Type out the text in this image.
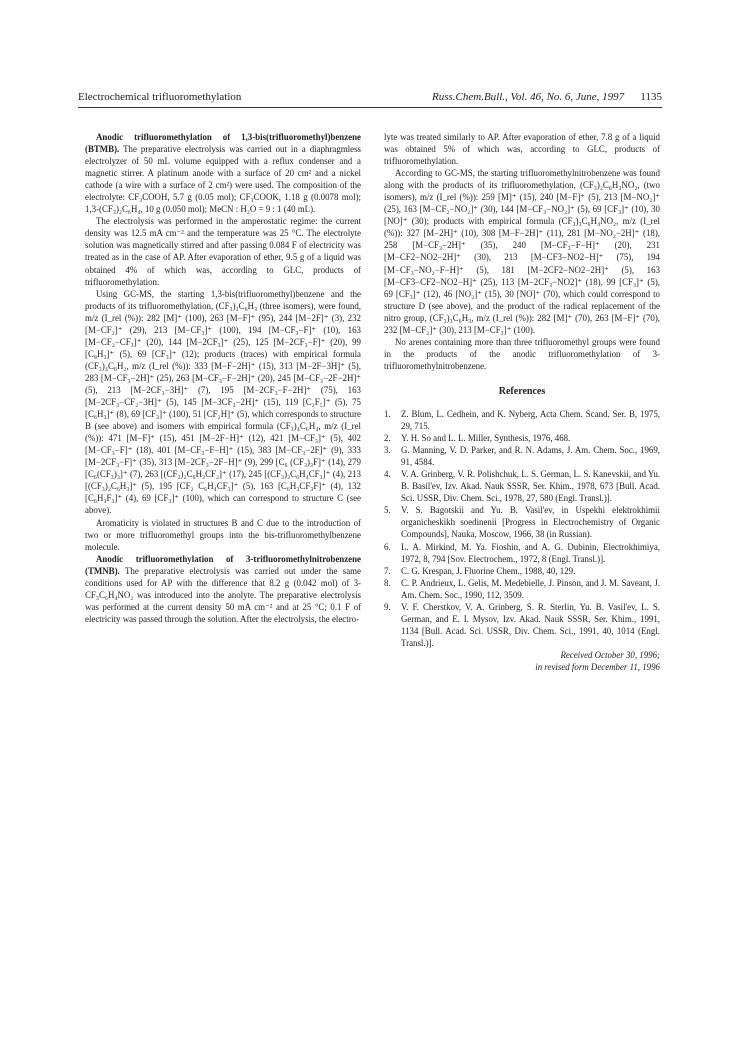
Electrochemical trifluoromethylation	Russ.Chem.Bull., Vol. 46, No. 6, June, 1997 1135

Anodic trifluoromethylation of 1,3-bis(trifluoromethyl)benzene (BTMB). The preparative electrolysis was carried out in a diaphragmless electrolyzer of 50 mL volume equipped with a reflux condenser and a magnetic stirrer. A platinum anode with a surface of 20 cm² and a nickel cathode (a wire with a surface of 2 cm²) were used. The composition of the electrolyte: CF₃COOH, 5.7 g (0.05 mol); CF₃COOK, 1.18 g (0.0078 mol); 1,3-(CF₃)₂C₆H₄, 10 g (0.050 mol); MeCN : H₂O = 9 : 1 (40 mL).

The electrolysis was performed in the amperostatic regime: the current density was 12.5 mA cm⁻² and the temperature was 25 °C. The electrolyte solution was magnetically stirred and after passing 0.084 F of electricity was treated as in the case of AP. After evaporation of ether, 9.5 g of a liquid was obtained 4% of which was, according to GLC, products of trifluoromethylation.

Using GC-MS, the starting 1,3-bis(trifluoromethyl)benzene and the products of its trifluoromethylation, (CF₃)₃C₆H₃ (three isomers), were found, m/z (I_rel (%)): 282 [M]⁺ (100), 263 [M−F]⁺ (95), 244 [M−2F]⁺ (3), 232 [M−CF₂]⁺ (29), 213 [M−CF₃]⁺ (100), 194 [M−CF₃−F]⁺ (10), 163 [M−CF₂−CF₃]⁺ (20), 144 [M−2CF₃]⁺ (25), 125 [M−2CF₃−F]⁺ (20), 99 [C₈H₃]⁺ (5), 69 [CF₃]⁺ (12); products (traces) with empirical formula (CF₃)₄C₆H₂, m/z (I_rel (%)): 333 [M−F−2H]⁺ (15), 313 [M−2F−3H]⁺ (5), 283 [M−CF₃−2H]⁺ (25), 263 [M−CF₃−F−2H]⁺ (20), 245 [M−CF₃−2F−2H]⁺ (5), 213 [M−2CF₃−3H]⁺ (7), 195 [M−2CF₃−F−2H]⁺ (75), 163 [M−2CF₃−CF₂−3H]⁺ (5), 145 [M−3CF₃−2H]⁺ (15), 119 [C₂F₅]⁺ (5), 75 [C₆H₃]⁺ (8), 69 [CF₃]⁺ (100), 51 [CF₂H]⁺ (5), which corresponds to structure B (see above) and isomers with empirical formula (CF₃)₄C₆H₄, m/z (I_rel (%)): 471 [M−F]⁺ (15), 451 [M−2F−H]⁺ (12), 421 [M−CF₃]⁺ (5), 402 [M−CF₃−F]⁺ (18), 401 [M−CF₃−F−H]⁺ (15), 383 [M−CF₃−2F]⁺ (9), 333 [M−2CF₃−F]⁺ (35), 313 [M−2CF₃−2F−H]⁺ (9), 299 [C₆ (CF₃)₃F]⁺ (14), 279 [C₆(CF₃)₃]⁺ (7), 263 [(CF₃)₂C₆H₃CF₂]⁺ (17), 245 [(CF₃)₂C₆H₄CF₃]⁺ (4), 213 [(CF₃)₂C₆H₃]⁺ (5), 195 [CF₂ C₆H₄CF₃]⁺ (5), 163 [C₆H₃CF₃F]⁺ (4), 132 [C₆H₃F₃]⁺ (4), 69 [CF₃]⁺ (100), which can correspond to structure C (see above).

Aromaticity is violated in structures B and C due to the introduction of two or more trifluoromethyl groups into the bis-trifluoromethylbenzene molecule.

Anodic trifluoromethylation of 3-trifluoromethylnitrobenzene (TMNB). The preparative electrolysis was carried out under the same conditions used for AP with the difference that 8.2 g (0.042 mol) of 3-CF₃C₆H₄NO₂ was introduced into the anolyte. The preparative electrolysis was performed at the current density 50 mA cm⁻² and at 25 °C; 0.1 F of electricity was passed through the solution. After the electrolysis, the electro-

lyte was treated similarly to AP. After evaporation of ether, 7.8 g of a liquid was obtained 5% of which was, according to GLC, products of trifluoromethylation.

According to GC-MS, the starting trifluoromethylnitrobenzene was found along with the products of its trifluoromethylation, (CF₃)₂C₆H₃NO₂, (two isomers), m/z (I_rel (%)): 259 [M]⁺ (15), 240 [M−F]⁺ (5), 213 [M−NO₂]⁺ (25), 163 [M−CF₂−NO₂]⁺ (30), 144 [M−CF₃−NO₂]⁺ (5), 69 [CF₃]⁺ (10), 30 [NO]⁺ (30); products with empirical formula (CF₃)₃C₆H₄NO₂, m/z (I_rel (%)): 327 [M−2H]⁺ (10), 308 [M−F−2H]⁺ (11), 281 [M−NO₂−2H]⁺ (18), 258 [M−CF₃−2H]⁺ (35), 240 [M−CF₃−F−H]⁺ (20), 231 [M−CF2−NO2−2H]⁺ (30), 213 [M−CF3−NO2−H]⁺ (75), 194 [M−CF₃−NO₂−F−H]⁺ (5), 181 [M−2CF2−NO2−2H]⁺ (5), 163 [M−CF3−CF2−NO2−H]⁺ (25), 113 [M−2CF₃−NO2]⁺ (18), 99 [CF₃]⁺ (5), 69 [CF₃]⁺ (12), 46 [NO₂]⁺ (15), 30 [NO]⁺ (70), which could correspond to structure D (see above), and the product of the radical replacement of the nitro group, (CF₃)₃C₆H₃, m/z (I_rel (%)): 282 [M]⁺ (70), 263 [M−F]⁺ (70), 232 [M−CF₂]⁺ (30), 213 [M−CF₃]⁺ (100).

No arenes containing more than three trifluoromethyl groups were found in the products of the anodic trifluoromethylation of 3-trifluoromethylnitrobenzene.

References

1. Z. Blum, L. Cedhein, and K. Nyberg, Acta Chem. Scand. Ser. B, 1975, 29, 715.

2. Y. H. So and L. L. Miller, Synthesis, 1976, 468.

3. G. Manning, V. D. Parker, and R. N. Adams, J. Am. Chem. Soc., 1969, 91, 4584.

4. V. A. Grinberg, V. R. Polishchuk, L. S. German, L. S. Kanevskii, and Yu. B. Basil'ev, Izv. Akad. Nauk SSSR, Ser. Khim., 1978, 673 [Bull. Acad. Sci. USSR, Div. Chem. Sci., 1978, 27, 580 (Engl. Transl.)].

5. V. S. Bagotskii and Yu. B. Vasil'ev, in Uspekhi elektrokhimii organicheskikh soedinenii [Progress in Electrochemistry of Organic Compounds], Nauka, Moscow, 1966, 38 (in Russian).

6. L. A. Mirkind, M. Ya. Fioshin, and A. G. Dubinin, Electrokhimiya, 1972, 8, 794 [Sov. Electrochem., 1972, 8 (Engl. Transl.)].

7. C. G. Krespan, J. Fluorine Chem., 1988, 40, 129.

8. C. P. Andrieux, L. Gelis, M. Medebielle, J. Pinson, and J. M. Saveant, J. Am. Chem. Soc., 1990, 112, 3509.

9. V. F. Cherstkov, V. A. Grinberg, S. R. Sterlin, Yu. B. Vasil'ev, L. S. German, and E. I. Mysov, Izv. Akad. Nauk SSSR, Ser. Khim., 1991, 1134 [Bull. Acad. Sci. USSR, Div. Chem. Sci., 1991, 40, 1014 (Engl. Transl.)].

Received October 30, 1996;
in revised form December 11, 1996
